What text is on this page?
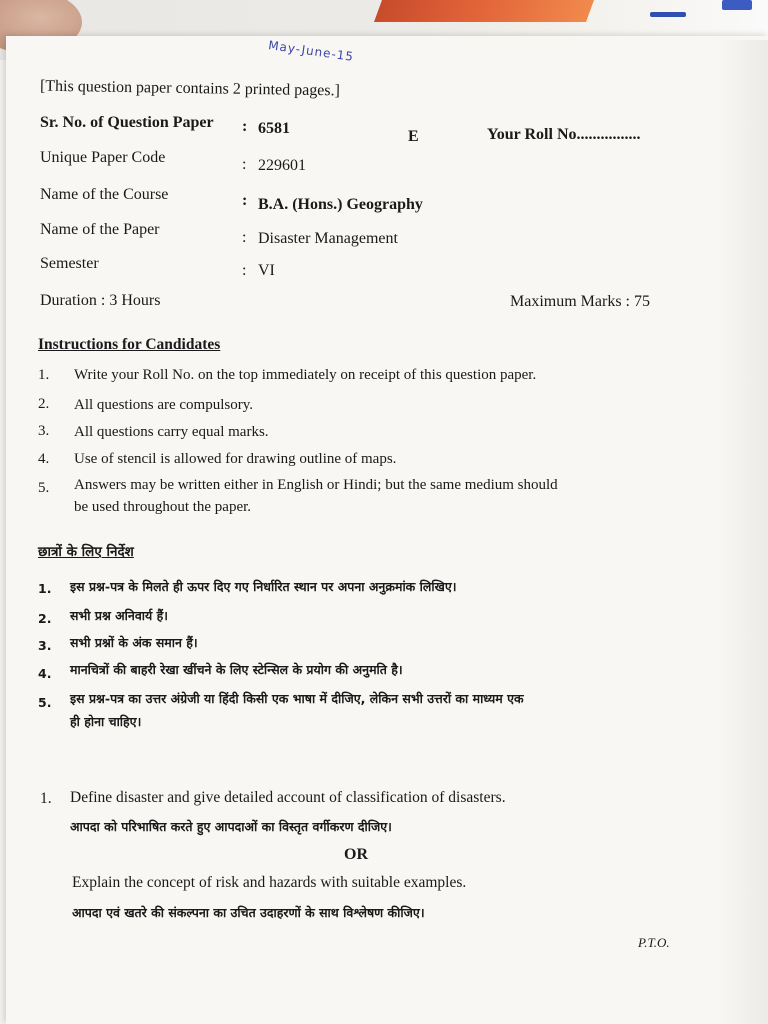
May-June-15
[This question paper contains 2 printed pages.]
Sr. No. of Question Paper : 6581	E	Your Roll No................
Unique Paper Code	: 229601
Name of the Course	: B.A. (Hons.) Geography
Name of the Paper	: Disaster Management
Semester	: VI
Duration : 3 Hours	Maximum Marks : 75
Instructions for Candidates
1. Write your Roll No. on the top immediately on receipt of this question paper.
2. All questions are compulsory.
3. All questions carry equal marks.
4. Use of stencil is allowed for drawing outline of maps.
5. Answers may be written either in English or Hindi; but the same medium should
be used throughout the paper.
छात्रों के लिए निर्देश
1. इस प्रश्न-पत्र के मिलते ही ऊपर दिए गए निर्धारित स्थान पर अपना अनुक्रमांक लिखिए।
2. सभी प्रश्न अनिवार्य हैं।
3. सभी प्रश्नों के अंक समान हैं।
4. मानचित्रों की बाहरी रेखा खींचने के लिए स्टेन्सिल के प्रयोग की अनुमति है।
5. इस प्रश्न-पत्र का उत्तर अंग्रेजी या हिंदी किसी एक भाषा में दीजिए, लेकिन सभी उत्तरों का माध्यम एक
ही होना चाहिए।
1. Define disaster and give detailed account of classification of disasters.
आपदा को परिभाषित करते हुए आपदाओं का विस्तृत वर्गीकरण दीजिए।
OR
Explain the concept of risk and hazards with suitable examples.
आपदा एवं खतरे की संकल्पना का उचित उदाहरणों के साथ विश्लेषण कीजिए।
P.T.O.
